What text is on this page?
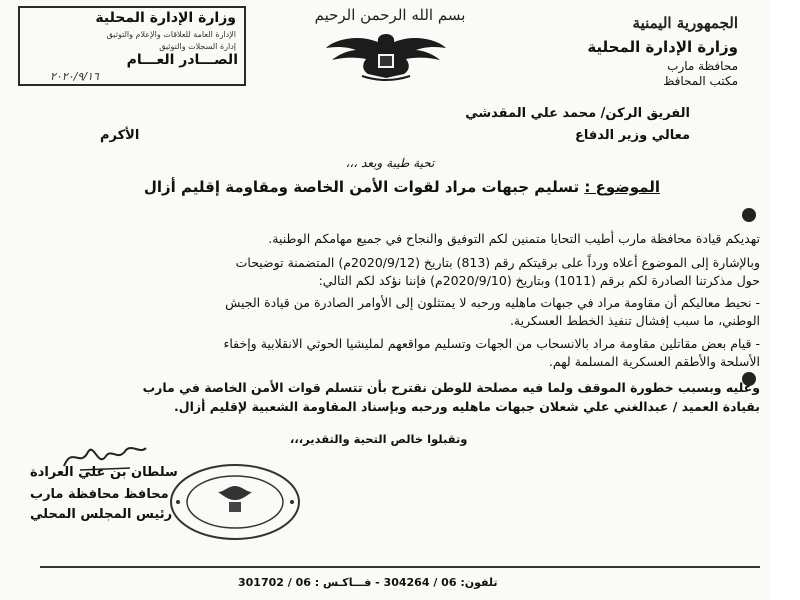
الجمهورية اليمنية
وزارة الإدارة المحلية
محافظة مارب
مكتب المحافظ
بسم الله الرحمن الرحيم
وزارة الإدارة المحلية
الإدارة العامة للعلاقات والإعلام والتوثيق
إدارة السجلات والتوثيق
الصـــادر العـــام
٢٠٢٠/٩/١٦
الفريق الركن/ محمد علي المقدشي
معالي وزير الدفاع
الأكرم
تحية طيبة وبعد ،،،
الموضوع : تسليم جبهات مراد لقوات الأمن الخاصة ومقاومة إقليم أزال
تهديكم قيادة محافظة مارب أطيب التحايا متمنين لكم التوفيق والنجاح في جميع مهامكم الوطنية.
وبالإشارة إلى الموضوع أعلاه ورداً على برقيتكم رقم (813) بتاريخ (2020/9/12م) المتضمنة توضيحات
حول مذكرتنا الصادرة لكم برقم (1011) وبتاريخ (2020/9/10م) فإننا نؤكد لكم التالي:
- نحيط معاليكم أن مقاومة مراد في جبهات ماهليه ورحبه لا يمتثلون إلى الأوامر الصادرة من قيادة الجيش
الوطني، ما سبب إفشال تنفيذ الخطط العسكرية.
- قيام بعض مقاتلين مقاومة مراد بالانسحاب من الجهات وتسليم مواقعهم لمليشيا الحوثي الانقلابية وإخفاء
الأسلحة والأطقم العسكرية المسلمة لهم.
وعليه وبسبب خطورة الموقف ولما فيه مصلحة للوطن نقترح بأن تتسلم قوات الأمن الخاصة في مارب
بقيادة العميد / عبدالغني علي شعلان جبهات ماهليه ورحبه وبإسناد المقاومة الشعبية لإقليم أزال.
وتقبلوا خالص التحية والتقدير،،،
سلطان بن علي العرادة
محافظ محافظة مارب
رئيس المجلس المحلي
تلفون: 06 / 304264 - فـــاكـس : 06 / 301702
